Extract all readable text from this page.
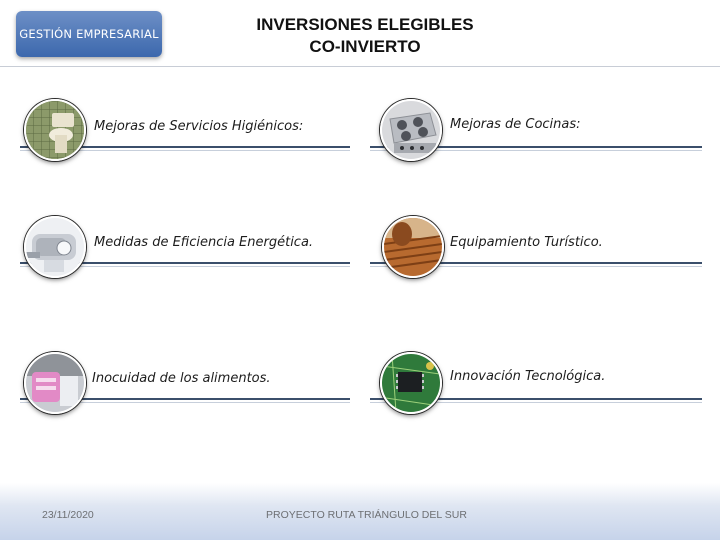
GESTIÓN EMPRESARIAL	INVERSIONES ELEGIBLES
CO-INVIERTO
Mejoras de Servicios Higiénicos:	Mejoras de Cocinas:
Medidas de Eficiencia Energética.	Equipamiento Turístico.
Inocuidad de los alimentos.	Innovación Tecnológica.
23/11/2020	PROYECTO RUTA TRIÁNGULO DEL SUR
